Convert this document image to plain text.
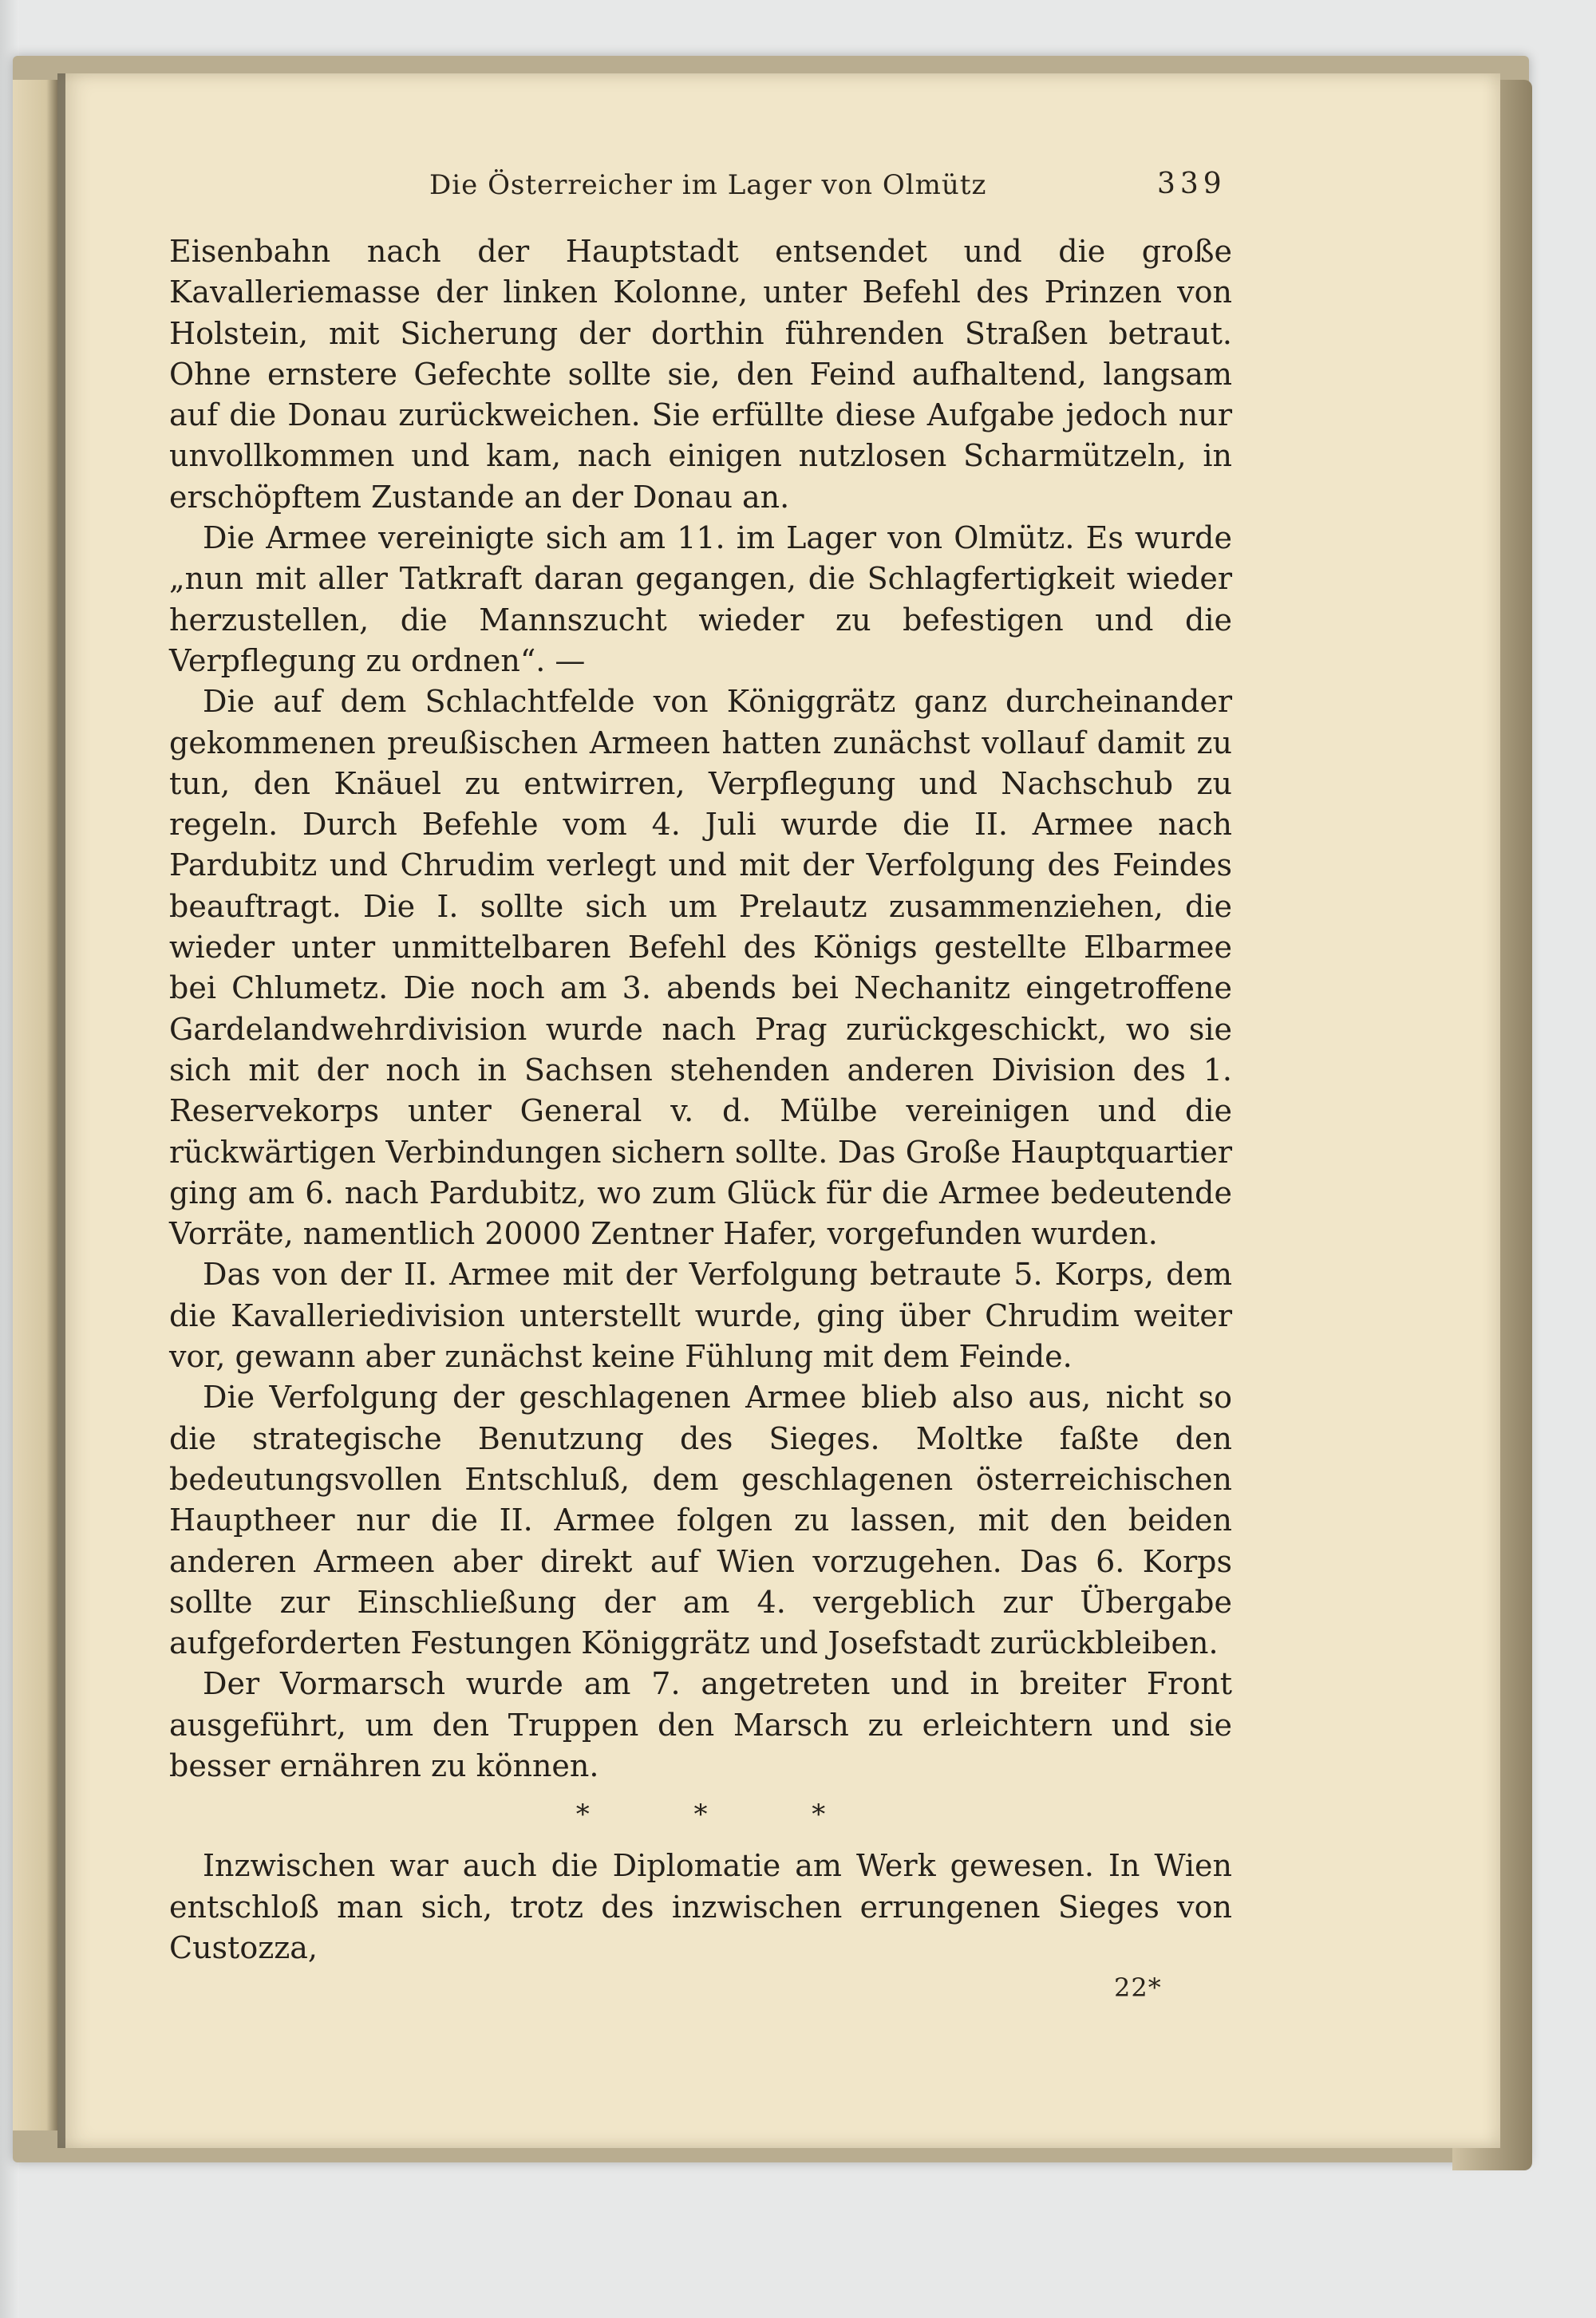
Die Österreicher im Lager von Olmütz	339

Eisenbahn nach der Hauptstadt entsendet und die große Kavalleriemasse der linken Kolonne, unter Befehl des Prinzen von Holstein, mit Sicherung der dorthin führenden Straßen betraut. Ohne ernstere Gefechte sollte sie, den Feind aufhaltend, langsam auf die Donau zurückweichen. Sie erfüllte diese Aufgabe jedoch nur unvollkommen und kam, nach einigen nutzlosen Scharmützeln, in erschöpftem Zustande an der Donau an.

Die Armee vereinigte sich am 11. im Lager von Olmütz. Es wurde „nun mit aller Tatkraft daran gegangen, die Schlagfertigkeit wieder herzustellen, die Mannszucht wieder zu befestigen und die Verpflegung zu ordnen“. —

Die auf dem Schlachtfelde von Königgrätz ganz durcheinander gekommenen preußischen Armeen hatten zunächst vollauf damit zu tun, den Knäuel zu entwirren, Verpflegung und Nachschub zu regeln. Durch Befehle vom 4. Juli wurde die II. Armee nach Pardubitz und Chrudim verlegt und mit der Verfolgung des Feindes beauftragt. Die I. sollte sich um Prelautz zusammenziehen, die wieder unter unmittelbaren Befehl des Königs gestellte Elbarmee bei Chlumetz. Die noch am 3. abends bei Nechanitz eingetroffene Gardelandwehrdivision wurde nach Prag zurückgeschickt, wo sie sich mit der noch in Sachsen stehenden anderen Division des 1. Reservekorps unter General v. d. Mülbe vereinigen und die rückwärtigen Verbindungen sichern sollte. Das Große Hauptquartier ging am 6. nach Pardubitz, wo zum Glück für die Armee bedeutende Vorräte, namentlich 20000 Zentner Hafer, vorgefunden wurden.

Das von der II. Armee mit der Verfolgung betraute 5. Korps, dem die Kavalleriedivision unterstellt wurde, ging über Chrudim weiter vor, gewann aber zunächst keine Fühlung mit dem Feinde.

Die Verfolgung der geschlagenen Armee blieb also aus, nicht so die strategische Benutzung des Sieges. Moltke faßte den bedeutungsvollen Entschluß, dem geschlagenen österreichischen Hauptheer nur die II. Armee folgen zu lassen, mit den beiden anderen Armeen aber direkt auf Wien vorzugehen. Das 6. Korps sollte zur Einschließung der am 4. vergeblich zur Übergabe aufgeforderten Festungen Königgrätz und Josefstadt zurückbleiben.

Der Vormarsch wurde am 7. angetreten und in breiter Front ausgeführt, um den Truppen den Marsch zu erleichtern und sie besser ernähren zu können.

* * *

Inzwischen war auch die Diplomatie am Werk gewesen. In Wien entschloß man sich, trotz des inzwischen errungenen Sieges von Custozza,

22*
